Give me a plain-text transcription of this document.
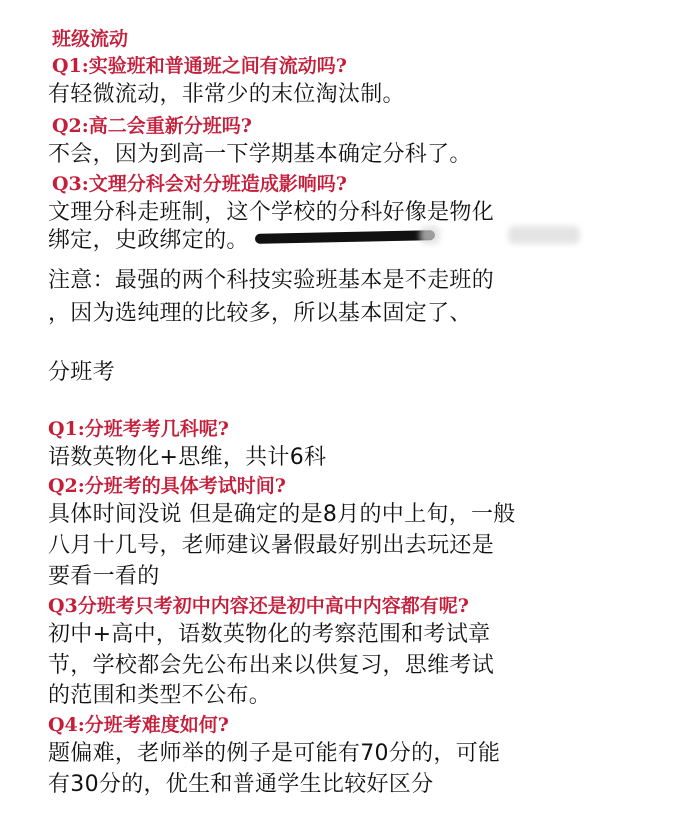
班级流动
Q1:实验班和普通班之间有流动吗?
有轻微流动，非常少的末位淘汰制。
Q2:高二会重新分班吗?
不会，因为到高一下学期基本确定分科了。
Q3:文理分科会对分班造成影响吗?
文理分科走班制，这个学校的分科好像是物化
绑定，史政绑定的。
注意：最强的两个科技实验班基本是不走班的
，因为选纯理的比较多，所以基本固定了、
分班考
Q1:分班考考几科呢?
语数英物化+思维，共计6科
Q2:分班考的具体考试时间?
具体时间没说 但是确定的是8月的中上旬，一般
八月十几号，老师建议暑假最好别出去玩还是
要看一看的
Q3分班考只考初中内容还是初中高中内容都有呢?
初中+高中，语数英物化的考察范围和考试章
节，学校都会先公布出来以供复习，思维考试
的范围和类型不公布。
Q4:分班考难度如何?
题偏难，老师举的例子是可能有70分的，可能
有30分的，优生和普通学生比较好区分
